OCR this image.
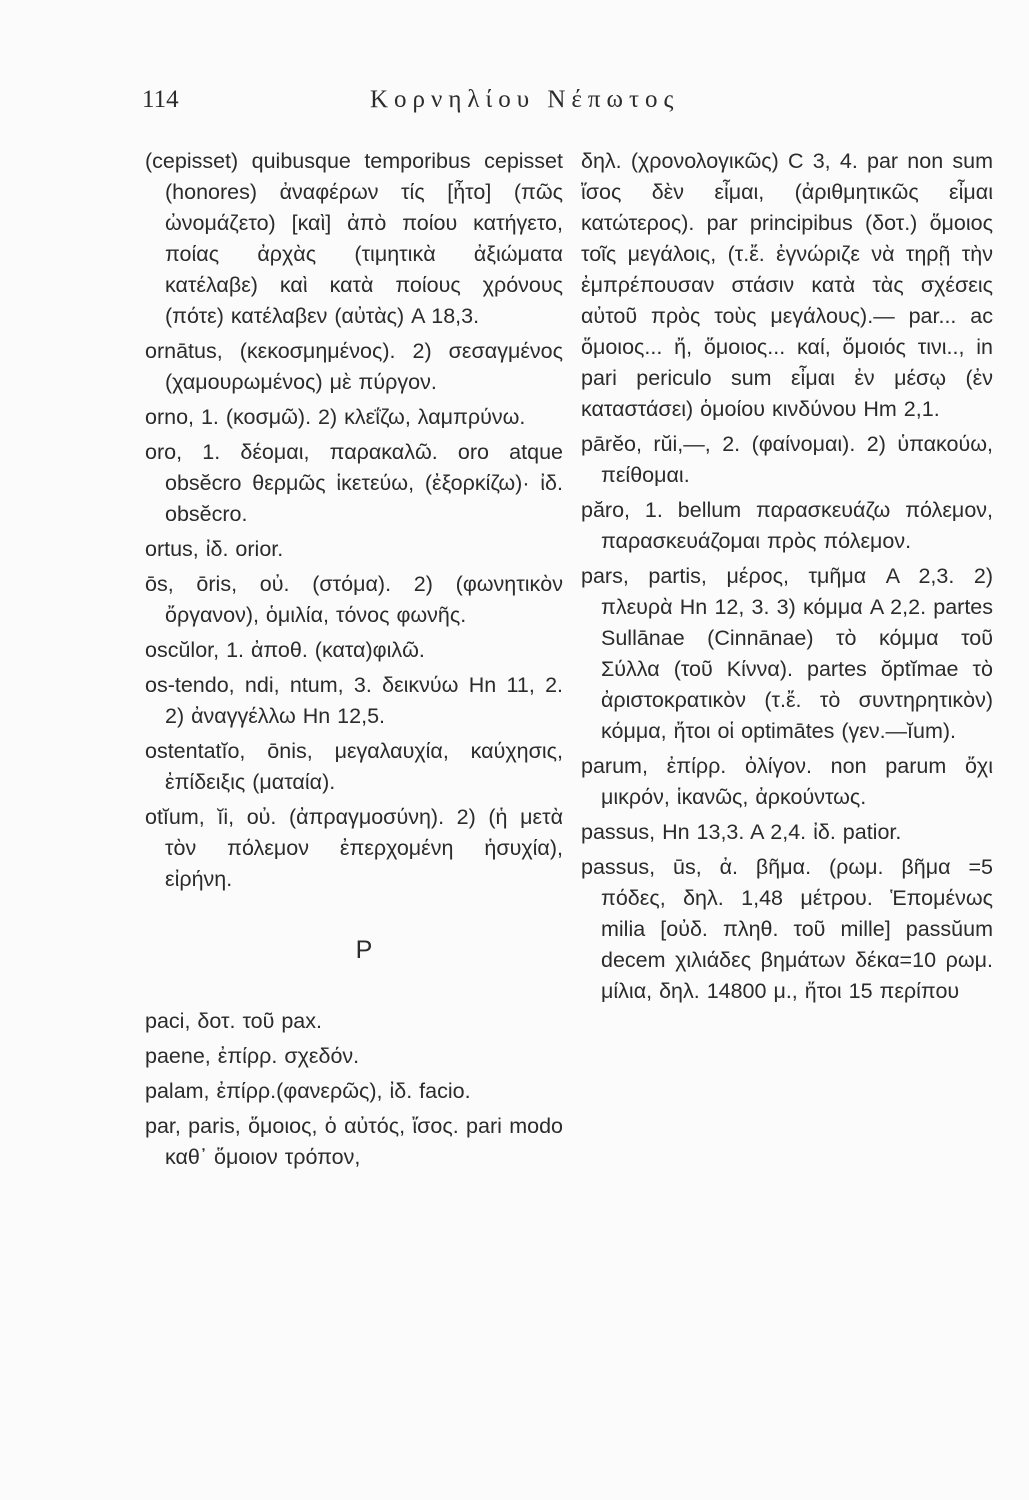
114	Κορνηλίου Νέπωτος

(cepisset) quibusque temporibus cepisset (honores) ἀναφέρων τίς [ἦτο] (πῶς ὠνομάζετο) [καὶ] ἀπὸ ποίου κατήγετο, ποίας ἀρχὰς (τιμητικὰ ἀξιώματα κατέλαβε) καὶ κατὰ ποίους χρόνους (πότε) κατέλαβεν (αὐτὰς) A 18,3.

ornātus, (κεκοσμημένος). 2) σεσαγμένος (χαμουρωμένος) μὲ πύργον.

orno, 1. (κοσμῶ). 2) κλεΐζω, λαμπρύνω.

oro, 1. δέομαι, παρακαλῶ. oro atque obsĕcro θερμῶς ἱκετεύω, (ἐξορκίζω)· ἰδ. obsĕcro.

ortus, ἰδ. orior.

ōs, ōris, οὐ. (στόμα). 2) (φωνητικὸν ὄργανον), ὁμιλία, τόνος φωνῆς.

oscŭlor, 1. ἀποθ. (κατα)φιλῶ.

os-tendo, ndi, ntum, 3. δεικνύω Hn 11, 2. 2) ἀναγγέλλω Hn 12,5.

ostentatĭo, ōnis, μεγαλαυχία, καύχησις, ἐπίδειξις (ματαία).

otĭum, ĭi, οὐ. (ἀπραγμοσύνη). 2) (ἡ μετὰ τὸν πόλεμον ἐπερχομένη ἡσυχία), εἰρήνη.

P

paci, δοτ. τοῦ pax.

paene, ἐπίρρ. σχεδόν.

palam, ἐπίρρ.(φανερῶς), ἰδ. facio.

par, paris, ὅμοιος, ὁ αὐτός, ἴσος. pari modo καθ᾽ ὅμοιον τρόπον,

δηλ. (χρονολογικῶς) C 3, 4. par non sum ἴσος δὲν εἶμαι, (ἀριθμητικῶς εἶμαι κατώτερος). par principibus (δοτ.) ὅμοιος τοῖς μεγάλοις, (τ.ἔ. ἐγνώριζε νὰ τηρῇ τὴν ἐμπρέπουσαν στάσιν κατὰ τὰς σχέσεις αὐτοῦ πρὸς τοὺς μεγάλους).— par... ac ὅμοιος... ἤ, ὅμοιος... καί, ὅμοιός τινι.., in pari periculo sum εἶμαι ἐν μέσῳ (ἐν καταστάσει) ὁμοίου κινδύνου Hm 2,1.

pārĕo, rŭi,—, 2. (φαίνομαι). 2) ὑπακούω, πείθομαι.

păro, 1. bellum παρασκευάζω πόλεμον, παρασκευάζομαι πρὸς πόλεμον.

pars, partis, μέρος, τμῆμα A 2,3. 2) πλευρὰ Hn 12, 3. 3) κόμμα A 2,2. partes Sullānae (Cinnānae) τὸ κόμμα τοῦ Σύλλα (τοῦ Κίννα). partes ŏptĭmae τὸ ἀριστοκρατικὸν (τ.ἔ. τὸ συντηρητικὸν) κόμμα, ἤτοι οἱ optimātes (γεν.—ĭum).

parum, ἐπίρρ. ὀλίγον. non parum ὄχι μικρόν, ἱκανῶς, ἀρκούντως.

passus, Hn 13,3. A 2,4. ἰδ. patior.

passus, ūs, ἀ. βῆμα. (ρωμ. βῆμα =5 πόδες, δηλ. 1,48 μέτρου. Ἑπομένως milia [οὐδ. πληθ. τοῦ mille] passŭum decem χιλιάδες βημάτων δέκα=10 ρωμ. μίλια, δηλ. 14800 μ., ἤτοι 15 περίπου
